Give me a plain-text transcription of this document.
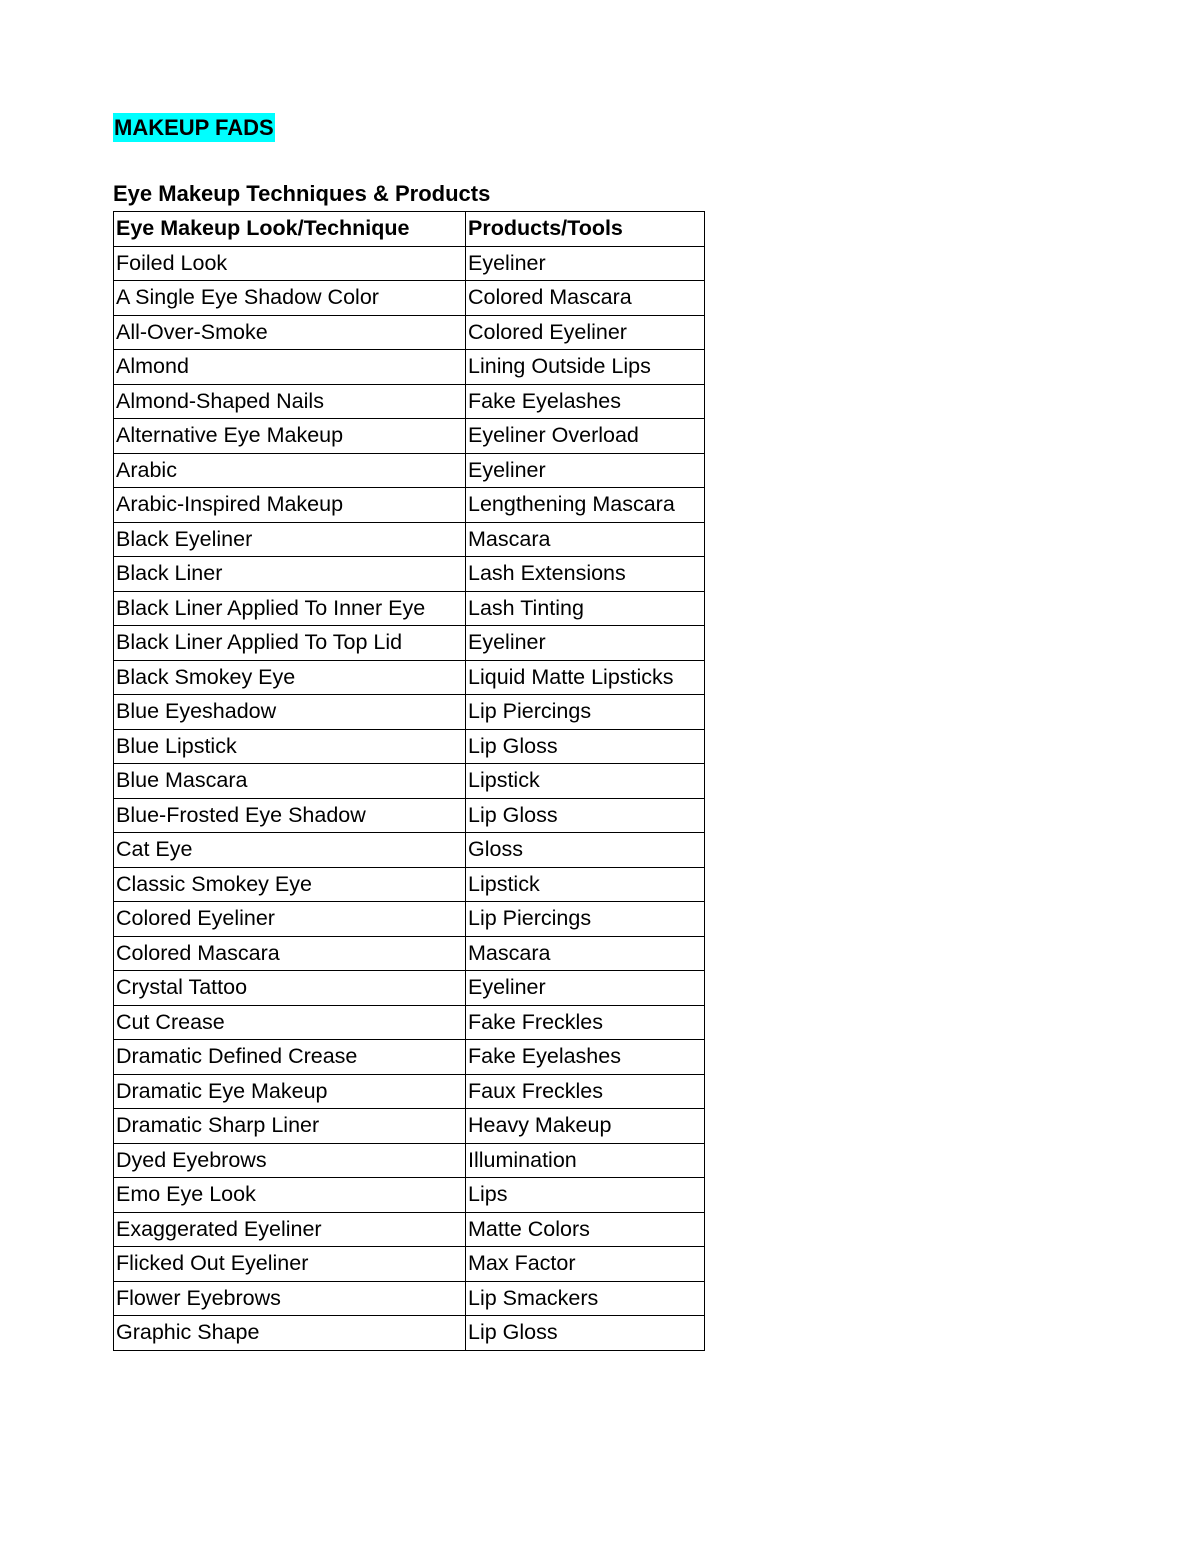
MAKEUP FADS
Eye Makeup Techniques & Products
Eye Makeup Look/Technique	Products/Tools
Foiled Look	Eyeliner
A Single Eye Shadow Color	Colored Mascara
All-Over-Smoke	Colored Eyeliner
Almond	Lining Outside Lips
Almond-Shaped Nails	Fake Eyelashes
Alternative Eye Makeup	Eyeliner Overload
Arabic	Eyeliner
Arabic-Inspired Makeup	Lengthening Mascara
Black Eyeliner	Mascara
Black Liner	Lash Extensions
Black Liner Applied To Inner Eye	Lash Tinting
Black Liner Applied To Top Lid	Eyeliner
Black Smokey Eye	Liquid Matte Lipsticks
Blue Eyeshadow	Lip Piercings
Blue Lipstick	Lip Gloss
Blue Mascara	Lipstick
Blue-Frosted Eye Shadow	Lip Gloss
Cat Eye	Gloss
Classic Smokey Eye	Lipstick
Colored Eyeliner	Lip Piercings
Colored Mascara	Mascara
Crystal Tattoo	Eyeliner
Cut Crease	Fake Freckles
Dramatic Defined Crease	Fake Eyelashes
Dramatic Eye Makeup	Faux Freckles
Dramatic Sharp Liner	Heavy Makeup
Dyed Eyebrows	Illumination
Emo Eye Look	Lips
Exaggerated Eyeliner	Matte Colors
Flicked Out Eyeliner	Max Factor
Flower Eyebrows	Lip Smackers
Graphic Shape	Lip Gloss
